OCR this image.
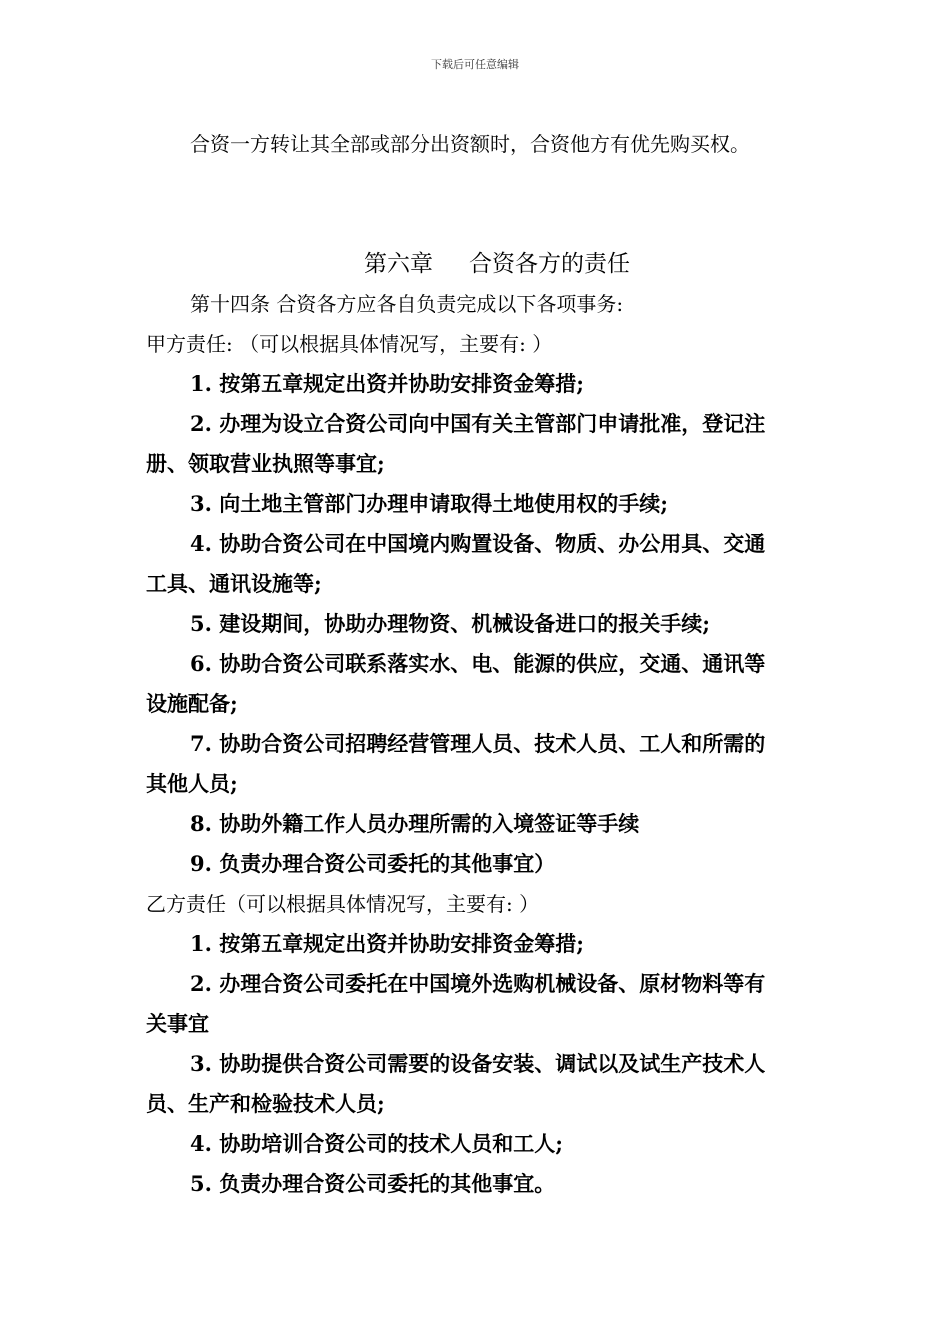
下载后可任意编辑
合资一方转让其全部或部分出资额时，合资他方有优先购买权。
第六章 合资各方的责任
第十四条 合资各方应各自负责完成以下各项事务:
甲方责任: （可以根据具体情况写，主要有: ）
1. 按第五章规定出资并协助安排资金筹措;
2. 办理为设立合资公司向中国有关主管部门申请批准，登记注
册、领取营业执照等事宜;
3. 向土地主管部门办理申请取得土地使用权的手续;
4. 协助合资公司在中国境内购置设备、物质、办公用具、交通
工具、通讯设施等;
5. 建设期间，协助办理物资、机械设备进口的报关手续;
6. 协助合资公司联系落实水、电、能源的供应，交通、通讯等
设施配备;
7. 协助合资公司招聘经营管理人员、技术人员、工人和所需的
其他人员;
8. 协助外籍工作人员办理所需的入境签证等手续
9. 负责办理合资公司委托的其他事宜）
乙方责任（可以根据具体情况写，主要有: ）
1. 按第五章规定出资并协助安排资金筹措;
2. 办理合资公司委托在中国境外选购机械设备、原材物料等有
关事宜
3. 协助提供合资公司需要的设备安装、调试以及试生产技术人
员、生产和检验技术人员;
4. 协助培训合资公司的技术人员和工人;
5. 负责办理合资公司委托的其他事宜。
